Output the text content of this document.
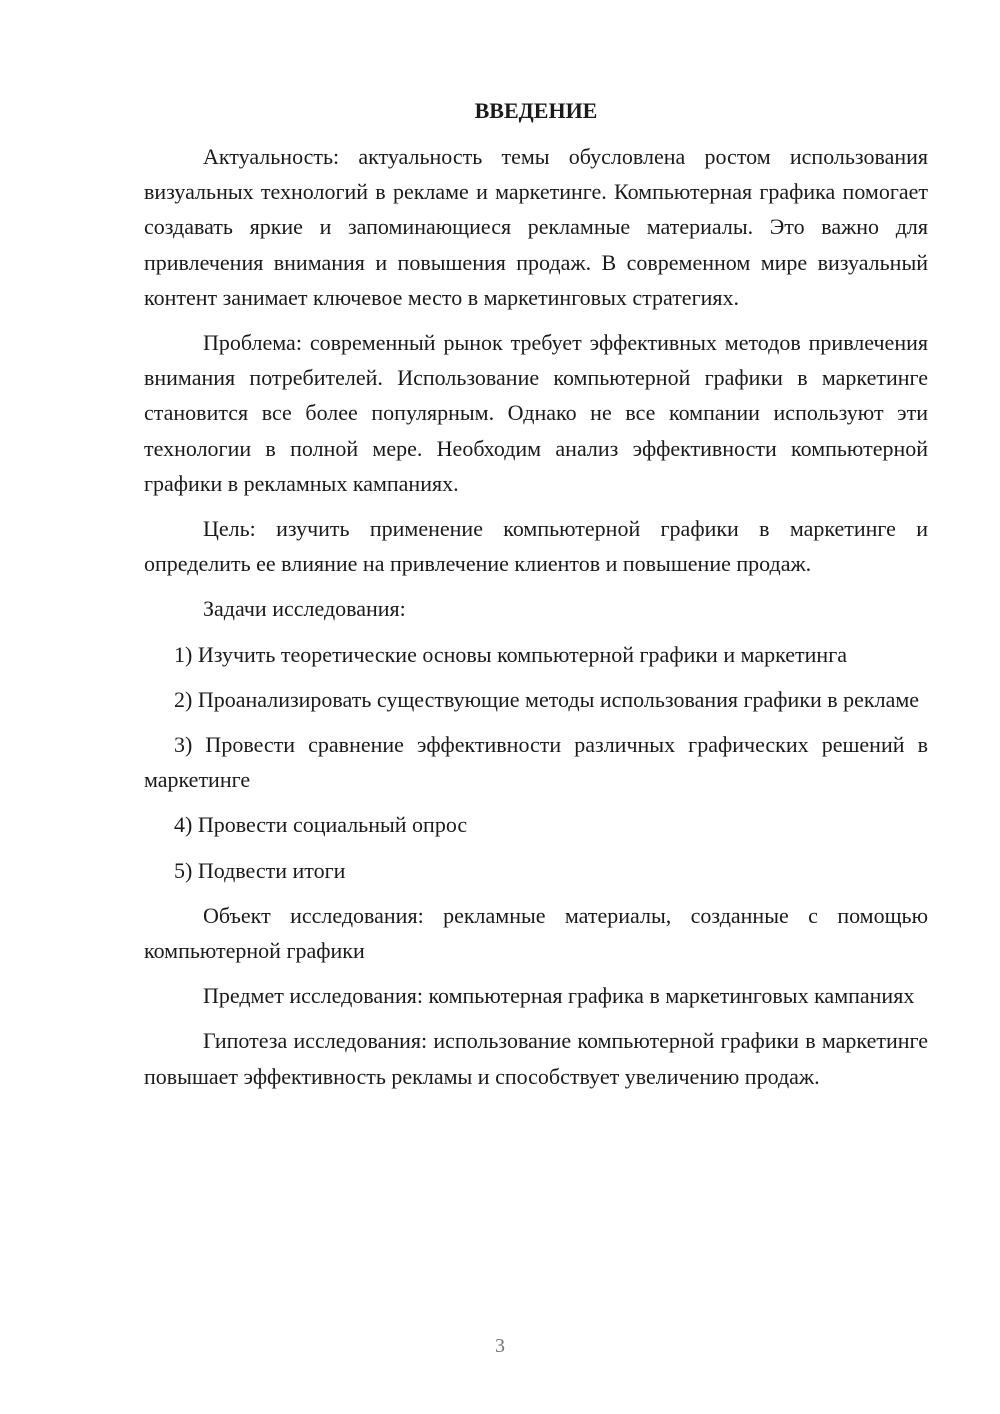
ВВЕДЕНИЕ

Актуальность: актуальность темы обусловлена ростом использования визуальных технологий в рекламе и маркетинге. Компьютерная графика помогает создавать яркие и запоминающиеся рекламные материалы. Это важно для привлечения внимания и повышения продаж. В современном мире визуальный контент занимает ключевое место в маркетинговых стратегиях.

Проблема: современный рынок требует эффективных методов привлечения внимания потребителей. Использование компьютерной графики в маркетинге становится все более популярным. Однако не все компании используют эти технологии в полной мере. Необходим анализ эффективности компьютерной графики в рекламных кампаниях.

Цель: изучить применение компьютерной графики в маркетинге и определить ее влияние на привлечение клиентов и повышение продаж.

Задачи исследования:

1) Изучить теоретические основы компьютерной графики и маркетинга

2) Проанализировать существующие методы использования графики в рекламе

3) Провести сравнение эффективности различных графических решений в маркетинге

4) Провести социальный опрос

5) Подвести итоги

Объект исследования: рекламные материалы, созданные с помощью компьютерной графики

Предмет исследования: компьютерная графика в маркетинговых кампаниях

Гипотеза исследования: использование компьютерной графики в маркетинге повышает эффективность рекламы и способствует увеличению продаж.

3
